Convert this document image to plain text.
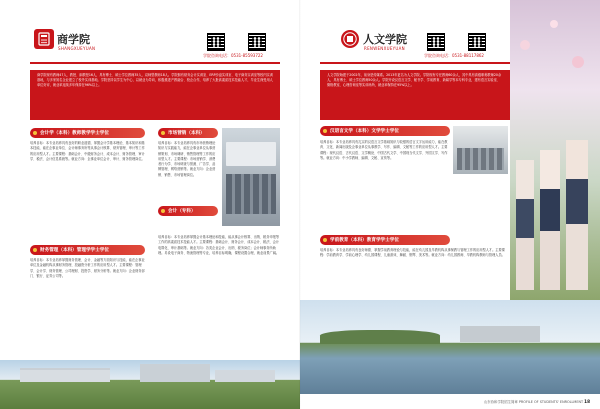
商学院
SHANGXUEYUAN
学院咨询电话：0531-85593722
商学院现有教师47人，教授、副教授16人，具有博士、硕士学位教师35人，双师型教师18人。学院拥有财务会计实训室、ERP沙盘实训室、电子商务实训室等校内实训基地，与多家知名企业建立了校外实训基地。学院坚持以学生为中心，以就业为导向，积极推进产教融合、校企合作，培养了大批高素质技术技能人才，毕业生深受用人单位好评，就业率连续多年保持在96%以上。
会计学（本科）教师教学学士学位
培养目标：本专业培养具有良好的职业道德，掌握会计学基本理论、基本知识和基本技能，能在企事业单位、会计师事务所等从事会计核算、财务管理、审计等工作的应用型人才。主要课程：基础会计、中级财务会计、成本会计、财务管理、审计学、税法、会计信息系统等。就业方向：企事业单位会计、审计、财务管理岗位。
财务管理（本科）管理学学士学位
培养目标：本专业培养掌握财务管理、会计、金融等方面知识与技能，能在企事业单位及金融机构从事财务管理、投融资分析工作的应用型人才。主要课程：管理学、会计学、财务管理、公司理财、投资学、财务分析等。就业方向：企业财务部门、银行、证券公司等。
市场营销（本科）
培养目标：本专业培养具有市场营销理论知识与实践能力，能在企事业单位从事营销策划、市场调研、销售管理等工作的应用型人才。主要课程：市场营销学、消费者行为学、市场调查与预测、广告学、品牌管理、网络营销等。就业方向：企业营销、销售、市场管理岗位。
会计（专科）
培养目标：本专业培养掌握会计基本理论和技能，能从事会计核算、出纳、税务申报等工作的高素质技术技能人才。主要课程：基础会计、财务会计、成本会计、税法、会计电算化、审计基础等。就业方向：各类企业会计、出纳、税务岗位；会计师事务所助理。另设电子商务、物流管理等专业，培养目标明确，课程设置合理，就业前景广阔。
人文学院
RENWENXUEYUAN
学院咨询电话：0531-88117862
人文学院始建于2002年，前身是传媒系。2013年更名为人文学院。学院现有专任教师60余人，其中具有高级职称教师20余人，具有博士、硕士学位教师50余人。学院开设汉语言文学、秘书学、学前教育、新闻学等本专科专业，建有语言实验室、微格教室、心理咨询室等实训场所，就业率保持在95%以上。
汉语言文学（本科）文学学士学位
培养目标：本专业培养具有扎实的汉语言文学基础知识与较强的语言文字运用能力，能在教育、文化、新闻出版及企事业单位从事教学、写作、编辑、文秘等工作的应用型人才。主要课程：现代汉语、古代汉语、文学概论、中国古代文学、中国现当代文学、外国文学、写作等。就业方向：中小学教师、编辑、文秘、宣传等。
学前教育（本科）教育学学士学位
培养目标：本专业培养具有良好师德、掌握学前教育理论与技能，能在幼儿园及早教机构从事保教与管理工作的应用型人才。主要课程：学前教育学、学前心理学、幼儿园课程、儿童游戏、舞蹈、钢琴、美术等。就业方向：幼儿园教师、早教机构教师与管理人员。
山东协和学院招生简章 PROFILE OF STUDENTS' ENROLLMENT 18
